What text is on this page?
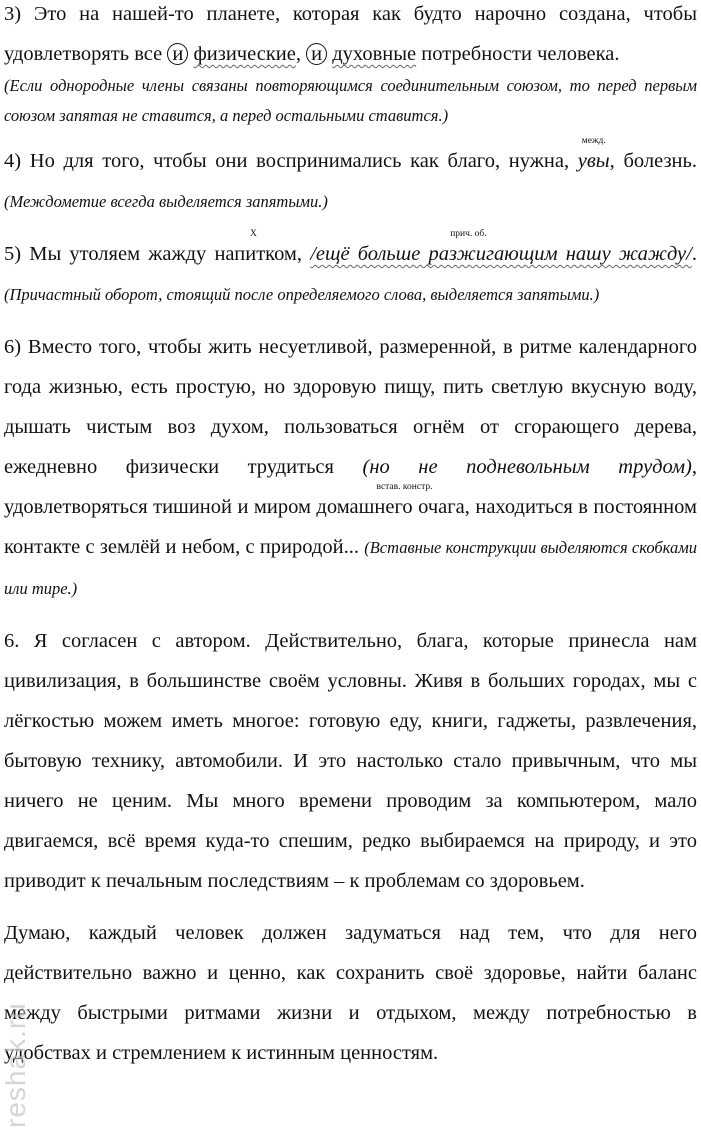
3) Это на нашей-то планете, которая как будто нарочно создана, чтобы удовлетворять все и физические, и духовные потребности человека.

(Если однородные члены связаны повторяющимся соединительным союзом, то перед первым союзом запятая не ставится, а перед остальными ставится.)

4) Но для того, чтобы они воспринимались как благо, нужна,
межд.
увы, болезнь. (Междометие всегда выделяется запятыми.)

5) Мы утоляем жажду напитком,
X
	прич. об.
/ещё больше разжигающим нашу жажду/. (Причастный оборот, стоящий после определяемого слова, выделяется запятыми.)

6) Вместо того, чтобы жить несуетливой, размеренной, в ритме календарного года жизнью, есть простую, но здоровую пищу, пить светлую вкусную воду, дышать чистым воз духом, пользоваться огнём от сгорающего дерева, ежедневно физически трудиться (но не подневольным трудом)
встав. констр.
, удовлетворяться тишиной и миром домашнего очага, находиться в постоянном контакте с землёй и небом, с природой... (Вставные конструкции выделяются скобками или тире.)

6. Я согласен с автором. Действительно, блага, которые принесла нам цивилизация, в большинстве своём условны. Живя в больших городах, мы с лёгкостью можем иметь многое: готовую еду, книги, гаджеты, развлечения, бытовую технику, автомобили. И это настолько стало привычным, что мы ничего не ценим. Мы много времени проводим за компьютером, мало двигаемся, всё время куда-то спешим, редко выбираемся на природу, и это приводит к печальным последствиям – к проблемам со здоровьем.

Думаю, каждый человек должен задуматься над тем, что для него действительно важно и ценно, как сохранить своё здоровье, найти баланс между быстрыми ритмами жизни и отдыхом, между потребностью в удобствах и стремлением к истинным ценностям.

reshak.ru
